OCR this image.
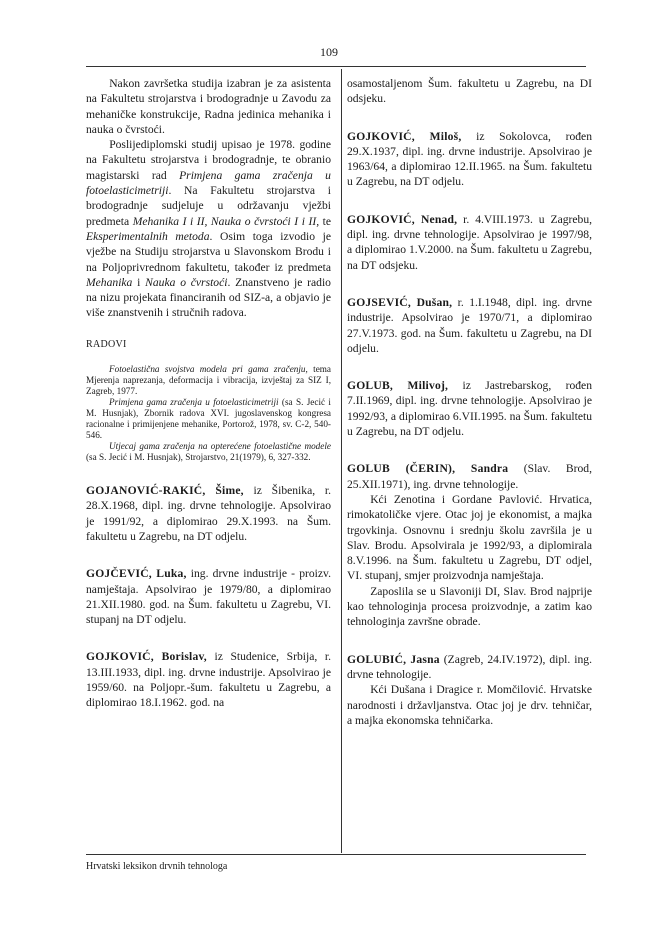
109

Nakon završetka studija izabran je za asistenta na Fakultetu strojarstva i brodogradnje u Zavodu za mehaničke konstrukcije, Radna jedinica mehanika i nauka o čvrstoći.

Poslijediplomski studij upisao je 1978. godine na Fakultetu strojarstva i brodogradnje, te obranio magistarski rad Primjena gama zračenja u fotoelasticimetriji. Na Fakultetu strojarstva i brodogradnje sudjeluje u održavanju vježbi predmeta Mehanika I i II, Nauka o čvrstoći I i II, te Eksperimentalnih metoda. Osim toga izvodio je vježbe na Studiju strojarstva u Slavonskom Brodu i na Poljoprivrednom fakultetu, također iz predmeta Mehanika i Nauka o čvrstoći. Znanstveno je radio na nizu projekata financiranih od SIZ-a, a objavio je više znanstvenih i stručnih radova.

RADOVI

Fotoelastična svojstva modela pri gama zračenju, tema Mjerenja naprezanja, deformacija i vibracija, izvještaj za SIZ I, Zagreb, 1977.

Primjena gama zračenja u fotoelasticimetriji (sa S. Jecić i M. Husnjak), Zbornik radova XVI. jugoslavenskog kongresa racionalne i primijenjene mehanike, Portorož, 1978, sv. C-2, 540-546.

Utjecaj gama zračenja na opterećene fotoelastične modele (sa S. Jecić i M. Husnjak), Strojarstvo, 21(1979), 6, 327-332.

GOJANOVIĆ-RAKIĆ, Šime, iz Šibenika, r. 28.X.1968, dipl. ing. drvne tehnologije. Apsolvirao je 1991/92, a diplomirao 29.X.1993. na Šum. fakultetu u Zagrebu, na DT odjelu.

GOJČEVIĆ, Luka, ing. drvne industrije - proizv. namještaja. Apsolvirao je 1979/80, a diplomirao 21.XII.1980. god. na Šum. fakultetu u Zagrebu, VI. stupanj na DT odjelu.

GOJKOVIĆ, Borislav, iz Studenice, Srbija, r. 13.III.1933, dipl. ing. drvne industrije. Apsolvirao je 1959/60. na Poljopr.-šum. fakultetu u Zagrebu, a diplomirao 18.I.1962. god. na

osamostaljenom Šum. fakultetu u Zagrebu, na DI odsjeku.

GOJKOVIĆ, Miloš, iz Sokolovca, rođen 29.X.1937, dipl. ing. drvne industrije. Apsolvirao je 1963/64, a diplomirao 12.II.1965. na Šum. fakultetu u Zagrebu, na DT odjelu.

GOJKOVIĆ, Nenad, r. 4.VIII.1973. u Zagrebu, dipl. ing. drvne tehnologije. Apsolvirao je 1997/98, a diplomirao 1.V.2000. na Šum. fakultetu u Zagrebu, na DT odsjeku.

GOJSEVIĆ, Dušan, r. 1.I.1948, dipl. ing. drvne industrije. Apsolvirao je 1970/71, a diplomirao 27.V.1973. god. na Šum. fakultetu u Zagrebu, na DI odjelu.

GOLUB, Milivoj, iz Jastrebarskog, rođen 7.II.1969, dipl. ing. drvne tehnologije. Apsolvirao je 1992/93, a diplomirao 6.VII.1995. na Šum. fakultetu u Zagrebu, na DT odjelu.

GOLUB (ČERIN), Sandra (Slav. Brod, 25.XII.1971), ing. drvne tehnologije.

Kći Zenotina i Gordane Pavlović. Hrvatica, rimokatoličke vjere. Otac joj je ekonomist, a majka trgovkinja. Osnovnu i srednju školu završila je u Slav. Brodu. Apsolvirala je 1992/93, a diplomirala 8.V.1996. na Šum. fakultetu u Zagrebu, DT odjel, VI. stupanj, smjer proizvodnja namještaja.

Zaposlila se u Slavoniji DI, Slav. Brod najprije kao tehnologinja procesa proizvodnje, a zatim kao tehnologinja završne obrade.

GOLUBIĆ, Jasna (Zagreb, 24.IV.1972), dipl. ing. drvne tehnologije.

Kći Dušana i Dragice r. Momčilović. Hrvatske narodnosti i državljanstva. Otac joj je drv. tehničar, a majka ekonomska tehničarka.

Hrvatski leksikon drvnih tehnologa
